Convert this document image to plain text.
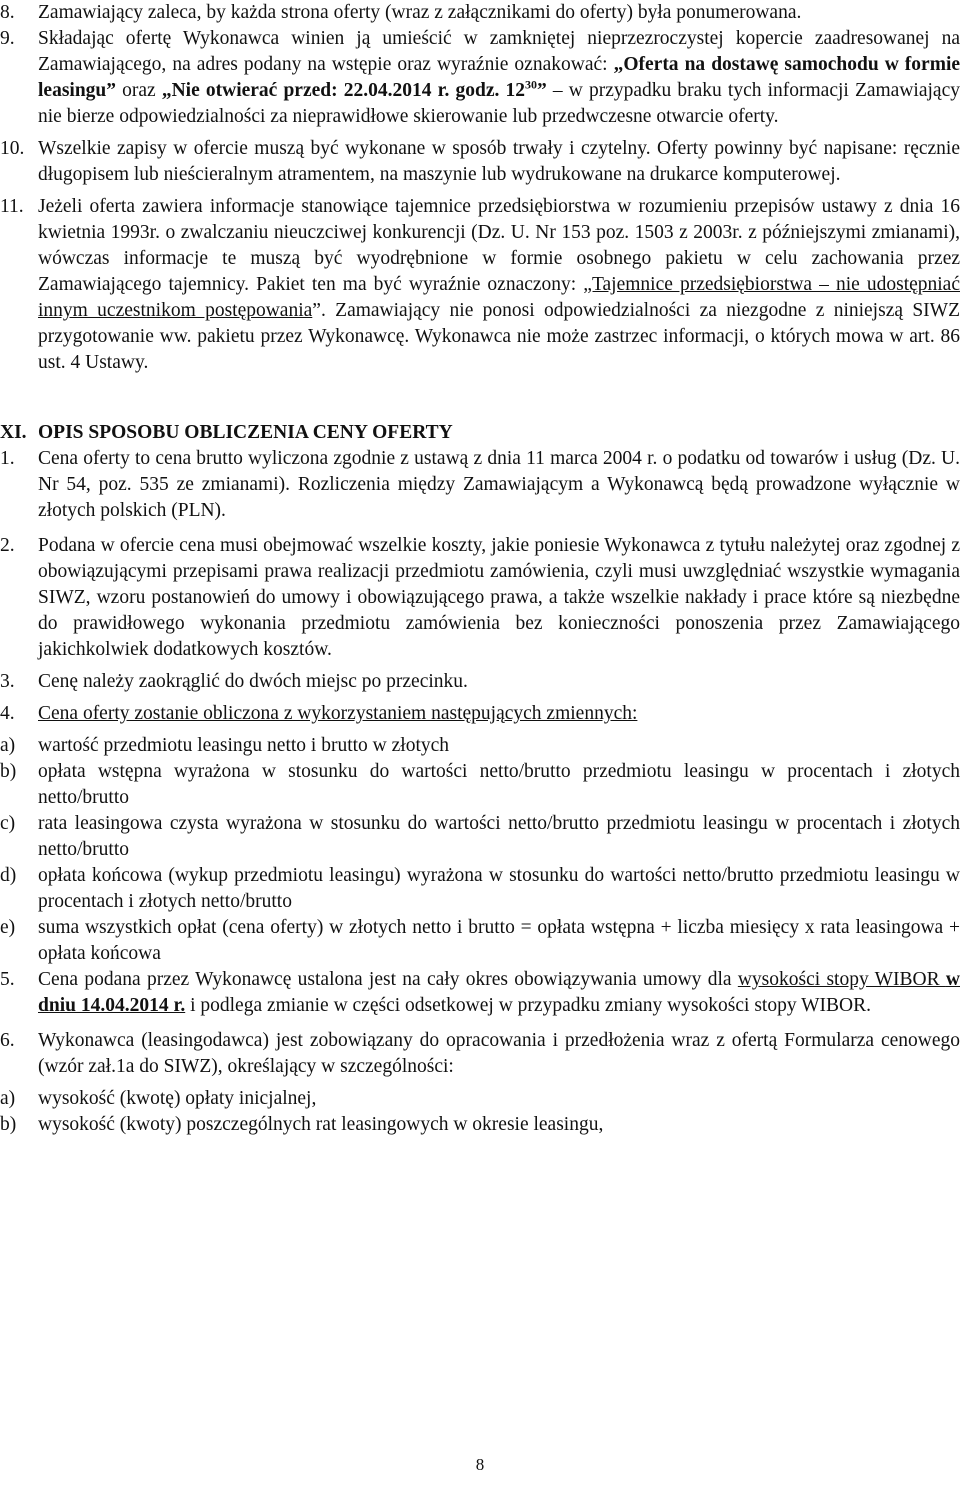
8.	Zamawiający zaleca, by każda strona oferty (wraz z załącznikami do oferty) była ponumerowana.

9.	Składając ofertę Wykonawca winien ją umieścić w zamkniętej nieprzezroczystej kopercie zaadresowanej na Zamawiającego, na adres podany na wstępie oraz wyraźnie oznakować: „Oferta na dostawę samochodu w formie leasingu” oraz „Nie otwierać przed: 22.04.2014 r. godz. $12^{30}$” – w przypadku braku tych informacji Zamawiający nie bierze odpowiedzialności za nieprawidłowe skierowanie lub przedwczesne otwarcie oferty.

10. Wszelkie zapisy w ofercie muszą być wykonane w sposób trwały i czytelny. Oferty powinny być napisane: ręcznie długopisem lub nieścieralnym atramentem, na maszynie lub wydrukowane na drukarce komputerowej.

11. Jeżeli oferta zawiera informacje stanowiące tajemnice przedsiębiorstwa w rozumieniu przepisów ustawy z dnia 16 kwietnia 1993r. o zwalczaniu nieuczciwej konkurencji (Dz. U. Nr 153 poz. 1503 z 2003r. z późniejszymi zmianami), wówczas informacje te muszą być wyodrębnione w formie osobnego pakietu w celu zachowania przez Zamawiającego tajemnicy. Pakiet ten ma być wyraźnie oznaczony: „Tajemnice przedsiębiorstwa – nie udostępniać innym uczestnikom postępowania”. Zamawiający nie ponosi odpowiedzialności za niezgodne z niniejszą SIWZ przygotowanie ww. pakietu przez Wykonawcę. Wykonawca nie może zastrzec informacji, o których mowa w art. 86 ust. 4 Ustawy.

XI. OPIS SPOSOBU OBLICZENIA CENY OFERTY

1.	Cena oferty to cena brutto wyliczona zgodnie z ustawą z dnia 11 marca 2004 r. o podatku od towarów i usług (Dz. U. Nr 54, poz. 535 ze zmianami). Rozliczenia między Zamawiającym a Wykonawcą będą prowadzone wyłącznie w złotych polskich (PLN).

2.	Podana w ofercie cena musi obejmować wszelkie koszty, jakie poniesie Wykonawca z tytułu należytej oraz zgodnej z obowiązującymi przepisami prawa realizacji przedmiotu zamówienia, czyli musi uwzględniać wszystkie wymagania SIWZ, wzoru postanowień do umowy i obowiązującego prawa, a także wszelkie nakłady i prace które są niezbędne do prawidłowego wykonania przedmiotu zamówienia bez konieczności ponoszenia przez Zamawiającego jakichkolwiek dodatkowych kosztów.

3.	Cenę należy zaokrąglić do dwóch miejsc po przecinku.

4.	Cena oferty zostanie obliczona z wykorzystaniem następujących zmiennych:

a)	wartość przedmiotu leasingu netto i brutto w złotych

b)	opłata wstępna wyrażona w stosunku do wartości netto/brutto przedmiotu leasingu w procentach i złotych netto/brutto

c)	rata leasingowa czysta wyrażona w stosunku do wartości netto/brutto przedmiotu leasingu w procentach i złotych netto/brutto

d)	opłata końcowa (wykup przedmiotu leasingu) wyrażona w stosunku do wartości netto/brutto przedmiotu leasingu w procentach i złotych netto/brutto

e)	suma wszystkich opłat (cena oferty) w złotych netto i brutto = opłata wstępna + liczba miesięcy x rata leasingowa + opłata końcowa

5.	Cena podana przez Wykonawcę ustalona jest na cały okres obowiązywania umowy dla wysokości stopy WIBOR w dniu 14.04.2014 r. i podlega zmianie w części odsetkowej w przypadku zmiany wysokości stopy WIBOR.

6.	Wykonawca (leasingodawca) jest zobowiązany do opracowania i przedłożenia wraz z ofertą Formularza cenowego (wzór zał.1a do SIWZ), określający w szczególności:

a)	wysokość (kwotę) opłaty inicjalnej,

b)	wysokość (kwoty) poszczególnych rat leasingowych w okresie leasingu,

8
